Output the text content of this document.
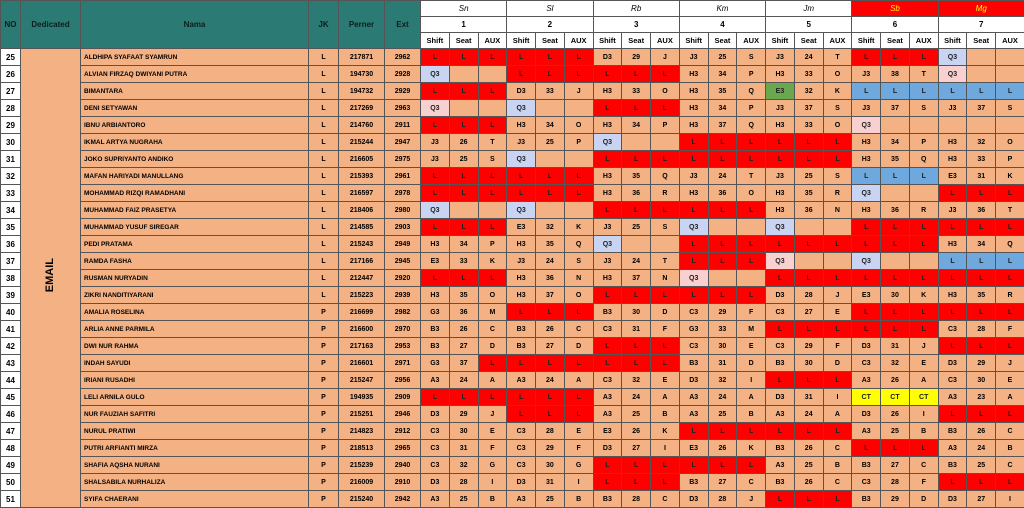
NO	Dedicated	Nama	JK	Perner	Ext	Sn			Sl			Rb			Km			Jm			Sb			Mg		
						1			2			3			4			5			6			7		
						Shift	Seat	AUX	Shift	Seat	AUX	Shift	Seat	AUX	Shift	Seat	AUX	Shift	Seat	AUX	Shift	Seat	AUX	Shift	Seat	AUX
25	EMAIL	ALDHIPA SYAFAAT SYAMRUN	L	217871	2962	L	L	L	L	L	L	D3	29	J	J3	25	S	J3	24	T	L	L	L	Q3		
26		ALVIAN FIRZAQ DWIYANI PUTRA	L	194730	2928	Q3			L	L	L	L	L	L	H3	34	P	H3	33	O	J3	38	T	Q3		
27		BIMANTARA	L	194732	2929	L	L	L	D3	33	J	H3	33	O	H3	35	Q	E3	32	K	L	L	L	L	L	L
28		DENI SETYAWAN	L	217269	2963	Q3			Q3			L	L	L	H3	34	P	J3	37	S	J3	37	S	J3	37	S
29		IBNU ARBIANTORO	L	214760	2911	L	L	L	H3	34	O	H3	34	P	H3	37	Q	H3	33	O	Q3					
30		IKMAL ARTYA NUGRAHA	L	215244	2947	J3	26	T	J3	25	P	Q3			L	L	L	L	L	L	H3	34	P	H3	32	O
31		JOKO SUPRIYANTO ANDIKO	L	216605	2975	J3	25	S	Q3			L	L	L	L	L	L	L	L	L	H3	35	Q	H3	33	P
32		MAFAN HARIYADI MANULLANG	L	215393	2961	L	L	L	L	L	L	H3	35	Q	J3	24	T	J3	25	S	L	L	L	E3	31	K
33		MOHAMMAD RIZQI RAMADHANI	L	216597	2978	L	L	L	L	L	L	H3	36	R	H3	36	O	H3	35	R	Q3			L	L	L
34		MUHAMMAD FAIZ PRASETYA	L	218406	2980	Q3			Q3			L	L	L	L	L	L	H3	36	N	H3	36	R	J3	36	T
35		MUHAMMAD YUSUF SIREGAR	L	214585	2903	L	L	L	E3	32	K	J3	25	S	Q3			Q3			L	L	L	L	L	L
36		PEDI PRATAMA	L	215243	2949	H3	34	P	H3	35	Q	Q3			L	L	L	L	L	L	L	L	L	H3	34	Q
37		RAMDA FASHA	L	217166	2945	E3	33	K	J3	24	S	J3	24	T	L	L	L	Q3			Q3			L	L	L
38		RUSMAN NURYADIN	L	212447	2920	L	L	L	H3	36	N	H3	37	N	Q3			L	L	L	L	L	L	L	L	L
39		ZIKRI NANDITIYARANI	L	215223	2939	H3	35	O	H3	37	O	L	L	L	L	L	L	D3	28	J	E3	30	K	H3	35	R
40		AMALIA ROSELINA	P	216699	2982	G3	36	M	L	L	L	B3	30	D	C3	29	F	C3	27	E	L	L	L	L	L	L
41		ARLIA ANNE PARMILA	P	216600	2970	B3	26	C	B3	26	C	C3	31	F	G3	33	M	L	L	L	L	L	L	C3	28	F
42		DWI NUR RAHMA	P	217163	2953	B3	27	D	B3	27	D	L	L	L	C3	30	E	C3	29	F	D3	31	J	L	L	L
43		INDAH SAYUDI	P	216601	2971	G3	37	L	L	L	L	L	L	L	B3	31	D	B3	30	D	C3	32	E	D3	29	J
44		IRIANI RUSADHI	P	215247	2956	A3	24	A	A3	24	A	C3	32	E	D3	32	I	L	L	L	A3	26	A	C3	30	E
45		LELI ARNILA GULO	P	194935	2909	L	L	L	L	L	L	A3	24	A	A3	24	A	D3	31	I	CT	CT	CT	A3	23	A
46		NUR FAUZIAH SAFITRI	P	215251	2946	D3	29	J	L	L	L	A3	25	B	A3	25	B	A3	24	A	D3	26	I	L	L	L
47		NURUL PRATIWI	P	214823	2912	C3	30	E	C3	28	E	E3	26	K	L	L	L	L	L	L	A3	25	B	B3	26	C
48		PUTRI ARFIANTI MIRZA	P	218513	2965	C3	31	F	C3	29	F	D3	27	I	E3	26	K	B3	26	C	L	L	L	A3	24	B
49		SHAFIA AQSHA NURANI	P	215239	2940	C3	32	G	C3	30	G	L	L	L	L	L	L	A3	25	B	B3	27	C	B3	25	C
50		SHALSABILA NURHALIZA	P	216009	2910	D3	28	I	D3	31	I	L	L	L	B3	27	C	B3	26	C	C3	28	F	L	L	L
51		SYIFA CHAERANI	P	215240	2942	A3	25	B	A3	25	B	B3	28	C	D3	28	J	L	L	L	B3	29	D	D3	27	I
